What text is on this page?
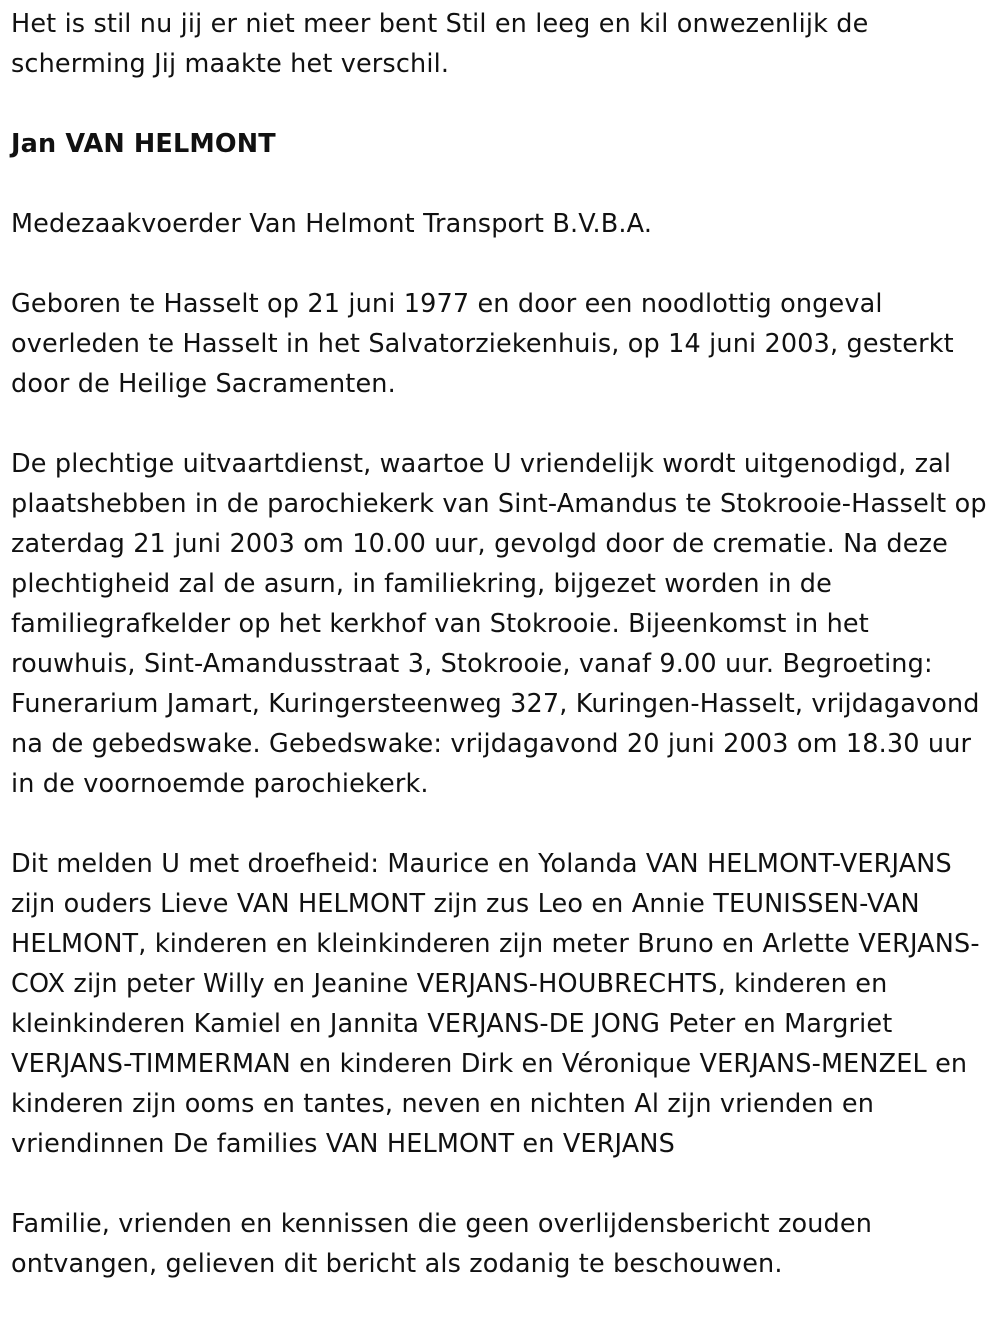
Het is stil nu jij er niet meer bent Stil en leeg en kil onwezenlijk de scherming Jij maakte het verschil.

Jan VAN HELMONT

Medezaakvoerder Van Helmont Transport B.V.B.A.

Geboren te Hasselt op 21 juni 1977 en door een noodlottig ongeval overleden te Hasselt in het Salvatorziekenhuis, op 14 juni 2003, gesterkt door de Heilige Sacramenten.

De plechtige uitvaartdienst, waartoe U vriendelijk wordt uitgenodigd, zal plaatshebben in de parochiekerk van Sint-Amandus te Stokrooie-Hasselt op zaterdag 21 juni 2003 om 10.00 uur, gevolgd door de crematie. Na deze plechtigheid zal de asurn, in familiekring, bijgezet worden in de familiegrafkelder op het kerkhof van Stokrooie. Bijeenkomst in het rouwhuis, Sint-Amandusstraat 3, Stokrooie, vanaf 9.00 uur. Begroeting: Funerarium Jamart, Kuringersteenweg 327, Kuringen-Hasselt, vrijdagavond na de gebedswake. Gebedswake: vrijdagavond 20 juni 2003 om 18.30 uur in de voornoemde parochiekerk.

Dit melden U met droefheid: Maurice en Yolanda VAN HELMONT-VERJANS zijn ouders Lieve VAN HELMONT zijn zus Leo en Annie TEUNISSEN-VAN HELMONT, kinderen en kleinkinderen zijn meter Bruno en Arlette VERJANS-COX zijn peter Willy en Jeanine VERJANS-HOUBRECHTS, kinderen en kleinkinderen Kamiel en Jannita VERJANS-DE JONG Peter en Margriet VERJANS-TIMMERMAN en kinderen Dirk en Véronique VERJANS-MENZEL en kinderen zijn ooms en tantes, neven en nichten Al zijn vrienden en vriendinnen De families VAN HELMONT en VERJANS

Familie, vrienden en kennissen die geen overlijdensbericht zouden ontvangen, gelieven dit bericht als zodanig te beschouwen.
